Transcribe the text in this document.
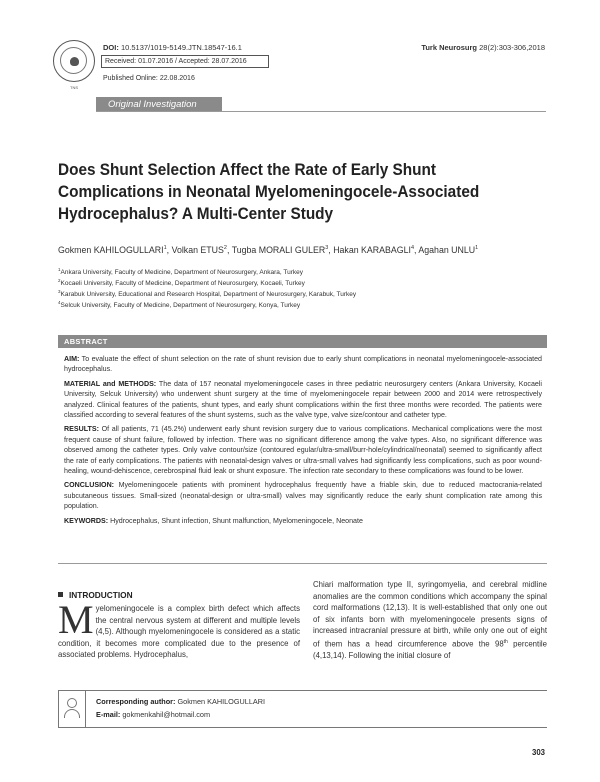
TNS
DOI: 10.5137/1019-5149.JTN.18547-16.1
Received: 01.07.2016 / Accepted: 28.07.2016
Published Online: 22.08.2016
Turk Neurosurg 28(2):303-306,2018
Original Investigation
Does Shunt Selection Affect the Rate of Early Shunt
Complications in Neonatal Myelomeningocele-Associated
Hydrocephalus? A Multi-Center Study
Gokmen KAHILOGULLARI$^1$, Volkan ETUS$^2$, Tugba MORALI GULER$^3$, Hakan KARABAGLI$^4$, Agahan UNLU$^1$
$^1$Ankara University, Faculty of Medicine, Department of Neurosurgery, Ankara, Turkey
$^2$Kocaeli University, Faculty of Medicine, Department of Neurosurgery, Kocaeli, Turkey
$^3$Karabuk University, Educational and Research Hospital, Department of Neurosurgery, Karabuk, Turkey
$^4$Selcuk University, Faculty of Medicine, Department of Neurosurgery, Konya, Turkey
ABSTRACT

AIM: To evaluate the effect of shunt selection on the rate of shunt revision due to early shunt complications in neonatal myelomeningocele-associated hydrocephalus.

MATERIAL and METHODS: The data of 157 neonatal myelomeningocele cases in three pediatric neurosurgery centers (Ankara University, Kocaeli University, Selcuk University) who underwent shunt surgery at the time of myelomeningocele repair between 2000 and 2014 were retrospectively analyzed. Clinical features of the patients, shunt types, and early shunt complications within the first three months were recorded. The patients were classified according to several features of the shunt systems, such as the valve type, valve size/contour and catheter type.

RESULTS: Of all patients, 71 (45.2%) underwent early shunt revision surgery due to various complications. Mechanical complications were the most frequent cause of shunt failure, followed by infection. There was no significant difference among the valve types. Also, no significant difference was observed among the catheter types. Only valve contour/size (contoured egular/ultra-small/burr-hole/cylindrical/neonatal) seemed to significantly affect the rate of early complications. The patients with neonatal-design valves or ultra-small valves had significantly less complications, such as poor wound-healing, wound-dehiscence, cerebrospinal fluid leak or shunt exposure. The infection rate secondary to these complications was found to be lower.

CONCLUSION: Myelomeningocele patients with prominent hydrocephalus frequently have a friable skin, due to reduced mactocrania-related subcutaneous tissues. Small-sized (neonatal-design or ultra-small) valves may significantly reduce the early shunt complication rate among this population.

KEYWORDS: Hydrocephalus, Shunt infection, Shunt malfunction, Myelomeningocele, Neonate

INTRODUCTION
Myelomeningocele is a complex birth defect which affects the central nervous system at different and multiple levels (4,5). Although myelomeningocele is considered as a static condition, it becomes more complicated due to the presence of associated problems. Hydrocephalus,
Chiari malformation type II, syringomyelia, and cerebral midline anomalies are the common conditions which accompany the spinal cord malformations (12,13). It is well-established that only one out of six infants born with myelomeningocele presents signs of increased intracranial pressure at birth, while only one out of eight of them has a head circumference above the 98th percentile (4,13,14). Following the initial closure of
Corresponding author: Gokmen KAHILOGULLARI
E-mail: gokmenkahil@hotmail.com
303
